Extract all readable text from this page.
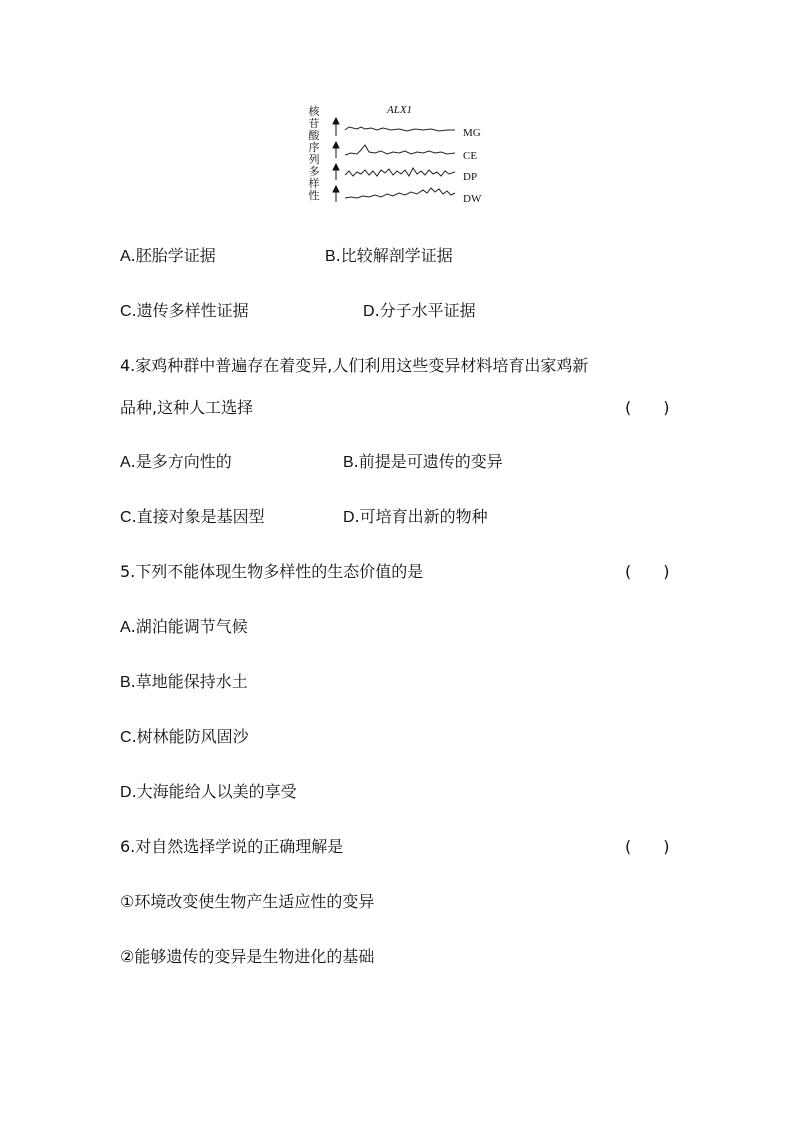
核苷酸序列多样性
ALX1
MG
CE
DP
DW
A.胚胎学证据	B.比较解剖学证据
C.遗传多样性证据	D.分子水平证据
4.家鸡种群中普遍存在着变异,人们利用这些变异材料培育出家鸡新
品种,这种人工选择	(　　)
A.是多方向性的	B.前提是可遗传的变异
C.直接对象是基因型	D.可培育出新的物种
5.下列不能体现生物多样性的生态价值的是	(　　)
A.湖泊能调节气候
B.草地能保持水土
C.树林能防风固沙
D.大海能给人以美的享受
6.对自然选择学说的正确理解是	(　　)
①环境改变使生物产生适应性的变异
②能够遗传的变异是生物进化的基础
